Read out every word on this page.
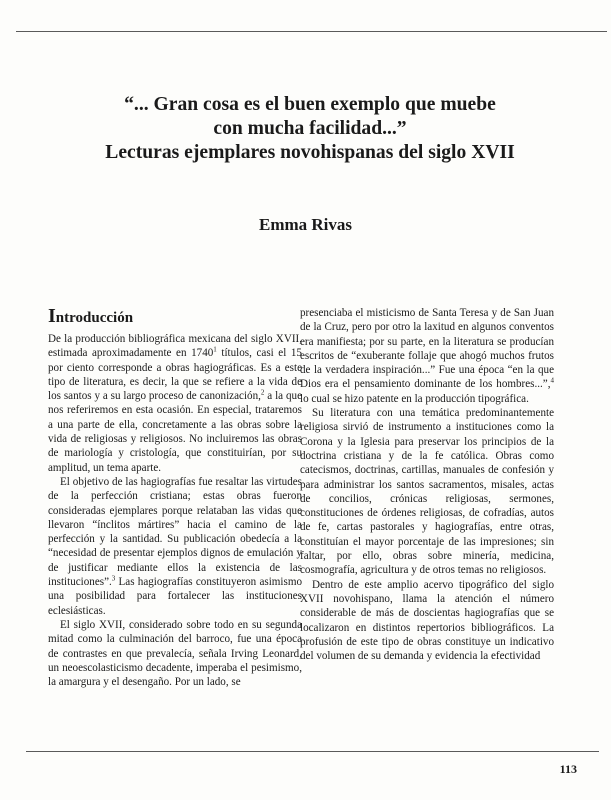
“... Gran cosa es el buen exemplo que muebe
con mucha facilidad...”
Lecturas ejemplares novohispanas del siglo XVII
Emma Rivas
Introducción

De la producción bibliográfica mexicana del siglo XVII, estimada aproximadamente en 1740$^1$ títulos, casi el 15 por ciento corresponde a obras hagiográficas. Es a este tipo de literatura, es decir, la que se refiere a la vida de los santos y a su largo proceso de canonización,$^2$ a la que nos referiremos en esta ocasión. En especial, trataremos a una parte de ella, concretamente a las obras sobre la vida de religiosas y religiosos. No incluiremos las obras de mariología y cristología, que constituirían, por su amplitud, un tema aparte.

El objetivo de las hagiografías fue resaltar las virtudes de la perfección cristiana; estas obras fueron consideradas ejemplares porque relataban las vidas que llevaron “ínclitos mártires” hacia el camino de la perfección y la santidad. Su publicación obedecía a la “necesidad de presentar ejemplos dignos de emulación y de justificar mediante ellos la existencia de las instituciones”.$^3$ Las hagiografías constituyeron asimismo una posibilidad para fortalecer las instituciones eclesiásticas.

El siglo XVII, considerado sobre todo en su segunda mitad como la culminación del barroco, fue una época de contrastes en que prevalecía, señala Irving Leonard, un neoescolasticismo decadente, imperaba el pesimismo, la amargura y el desengaño. Por un lado, se

presenciaba el misticismo de Santa Teresa y de San Juan de la Cruz, pero por otro la laxitud en algunos conventos era manifiesta; por su parte, en la literatura se producían escritos de “exuberante follaje que ahogó muchos frutos de la verdadera inspiración...” Fue una época “en la que Dios era el pensamiento dominante de los hombres...”,$^4$ lo cual se hizo patente en la producción tipográfica.

Su literatura con una temática predominantemente religiosa sirvió de instrumento a instituciones como la Corona y la Iglesia para preservar los principios de la doctrina cristiana y de la fe católica. Obras como catecismos, doctrinas, cartillas, manuales de confesión y para administrar los santos sacramentos, misales, actas de concilios, crónicas religiosas, sermones, constituciones de órdenes religiosas, de cofradías, autos de fe, cartas pastorales y hagiografías, entre otras, constituían el mayor porcentaje de las impresiones; sin faltar, por ello, obras sobre minería, medicina, cosmografía, agricultura y de otros temas no religiosos.

Dentro de este amplio acervo tipográfico del siglo XVII novohispano, llama la atención el número considerable de más de doscientas hagiografías que se localizaron en distintos repertorios bibliográficos. La profusión de este tipo de obras constituye un indicativo del volumen de su demanda y evidencia la efectividad

113
